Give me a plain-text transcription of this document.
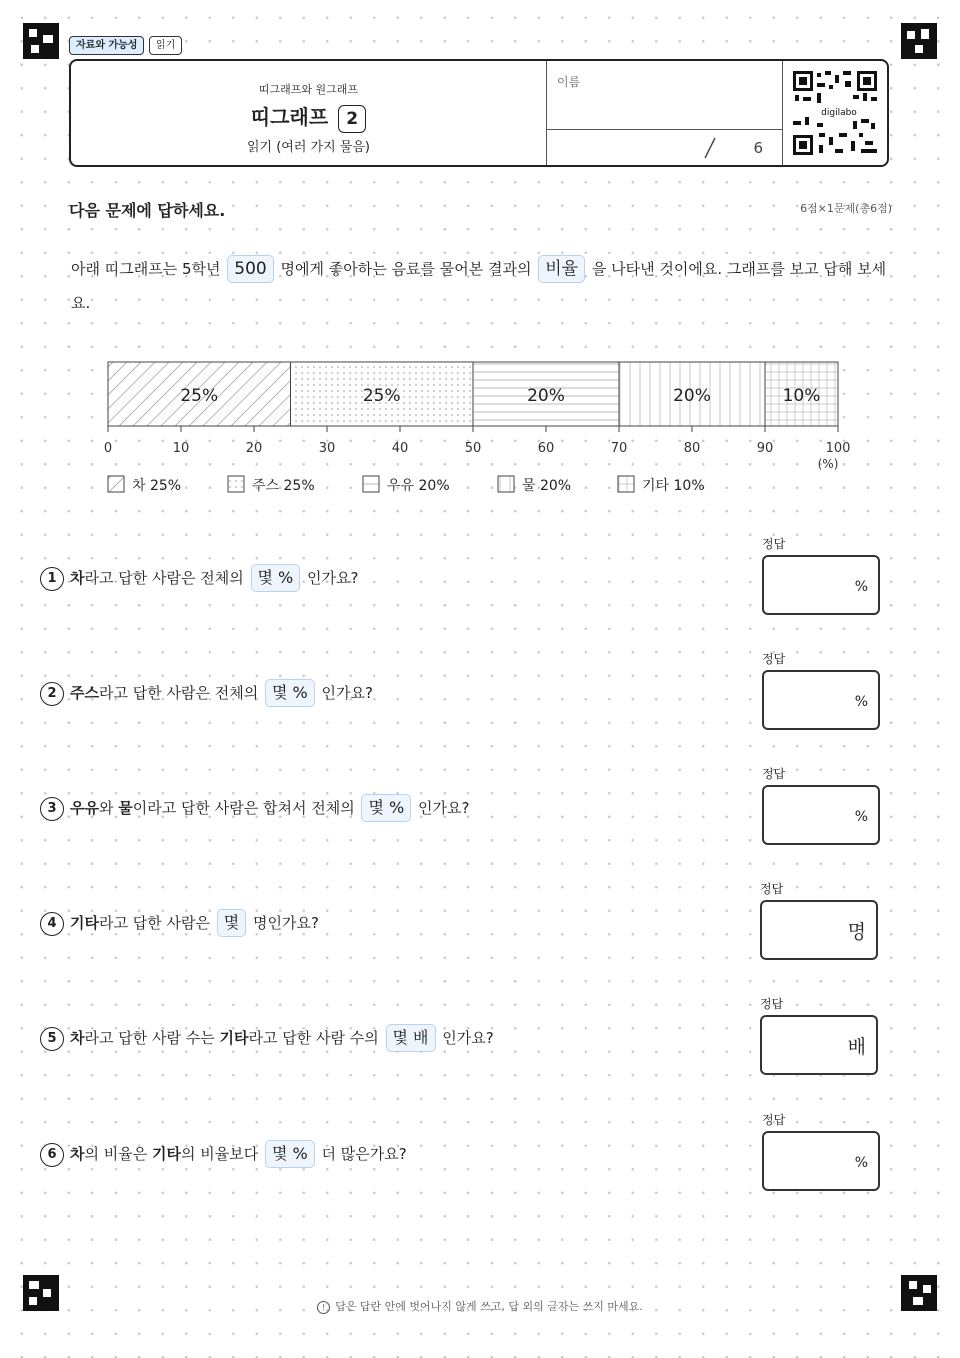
자료와 가능성	읽기
띠그래프와 원그래프
띠그래프 2
읽기 (여러 가지 물음)
이름
6
digilabo
다음 문제에 답하세요.	6점×1문제(총6점)
아래 띠그래프는 5학년 500 명에게 좋아하는 음료를 물어본 결과의 비율 을 나타낸 것이에요. 그래프를 보고 답해 보세요.
25%	25%	20%	20%	10%
0	10	20	30	40	50	60	70	80	90	100
(%)
차 25%	주스 25%	우유 20%	물 20%	기타 10%
1 차라고 답한 사람은 전체의 몇 % 인가요?
정답
%
2 주스라고 답한 사람은 전체의 몇 % 인가요?
정답
%
3 우유와 물이라고 답한 사람은 합쳐서 전체의 몇 % 인가요?
정답
%
4 기타라고 답한 사람은 몇 명인가요?
정답
명
5 차라고 답한 사람 수는 기타라고 답한 사람 수의 몇 배 인가요?
정답
배
6 차의 비율은 기타의 비율보다 몇 % 더 많은가요?
정답
%
! 답은 답란 안에 벗어나지 않게 쓰고, 답 외의 글자는 쓰지 마세요.
